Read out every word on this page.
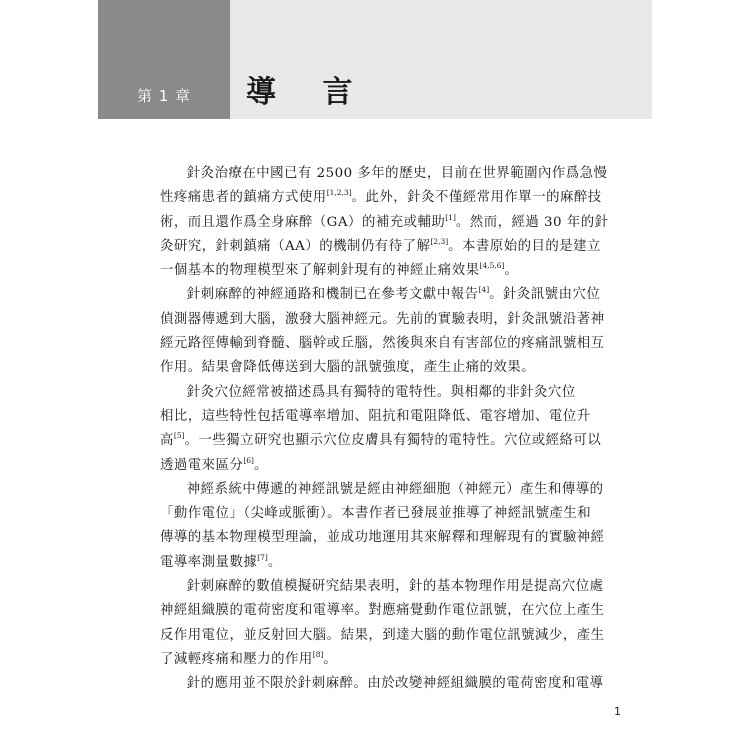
第 1 章	導 言

針灸治療在中國已有 2500 多年的歷史，目前在世界範圍內作爲急慢
性疼痛患者的鎮痛方式使用[1,2,3]。此外，針灸不僅經常用作單一的麻醉技
術，而且還作爲全身麻醉（GA）的補充或輔助[1]。然而，經過 30 年的針
灸研究，針刺鎮痛（AA）的機制仍有待了解[2,3]。本書原始的目的是建立
一個基本的物理模型來了解刺針現有的神經止痛效果[4,5,6]。

針刺麻醉的神經通路和機制已在參考文獻中報告[4]。針灸訊號由穴位
偵測器傳遞到大腦，激發大腦神經元。先前的實驗表明，針灸訊號沿著神
經元路徑傳輸到脊髓、腦幹或丘腦，然後與來自有害部位的疼痛訊號相互
作用。結果會降低傳送到大腦的訊號強度，產生止痛的效果。

針灸穴位經常被描述爲具有獨特的電特性。與相鄰的非針灸穴位
相比，這些特性包括電導率增加、阻抗和電阻降低、電容增加、電位升
高[5]。一些獨立研究也顯示穴位皮膚具有獨特的電特性。穴位或經絡可以
透過電來區分[6]。

神經系統中傳遞的神經訊號是經由神經細胞（神經元）產生和傳導的
「動作電位」（尖峰或脈衝）。本書作者已發展並推導了神經訊號產生和
傳導的基本物理模型理論，並成功地運用其來解釋和理解現有的實驗神經
電導率測量數據[7]。

針刺麻醉的數值模擬研究結果表明，針的基本物理作用是提高穴位處
神經組織膜的電荷密度和電導率。對應痛覺動作電位訊號，在穴位上產生
反作用電位，並反射回大腦。結果，到達大腦的動作電位訊號減少，產生
了減輕疼痛和壓力的作用[8]。

針的應用並不限於針刺麻醉。由於改變神經組織膜的電荷密度和電導

1
